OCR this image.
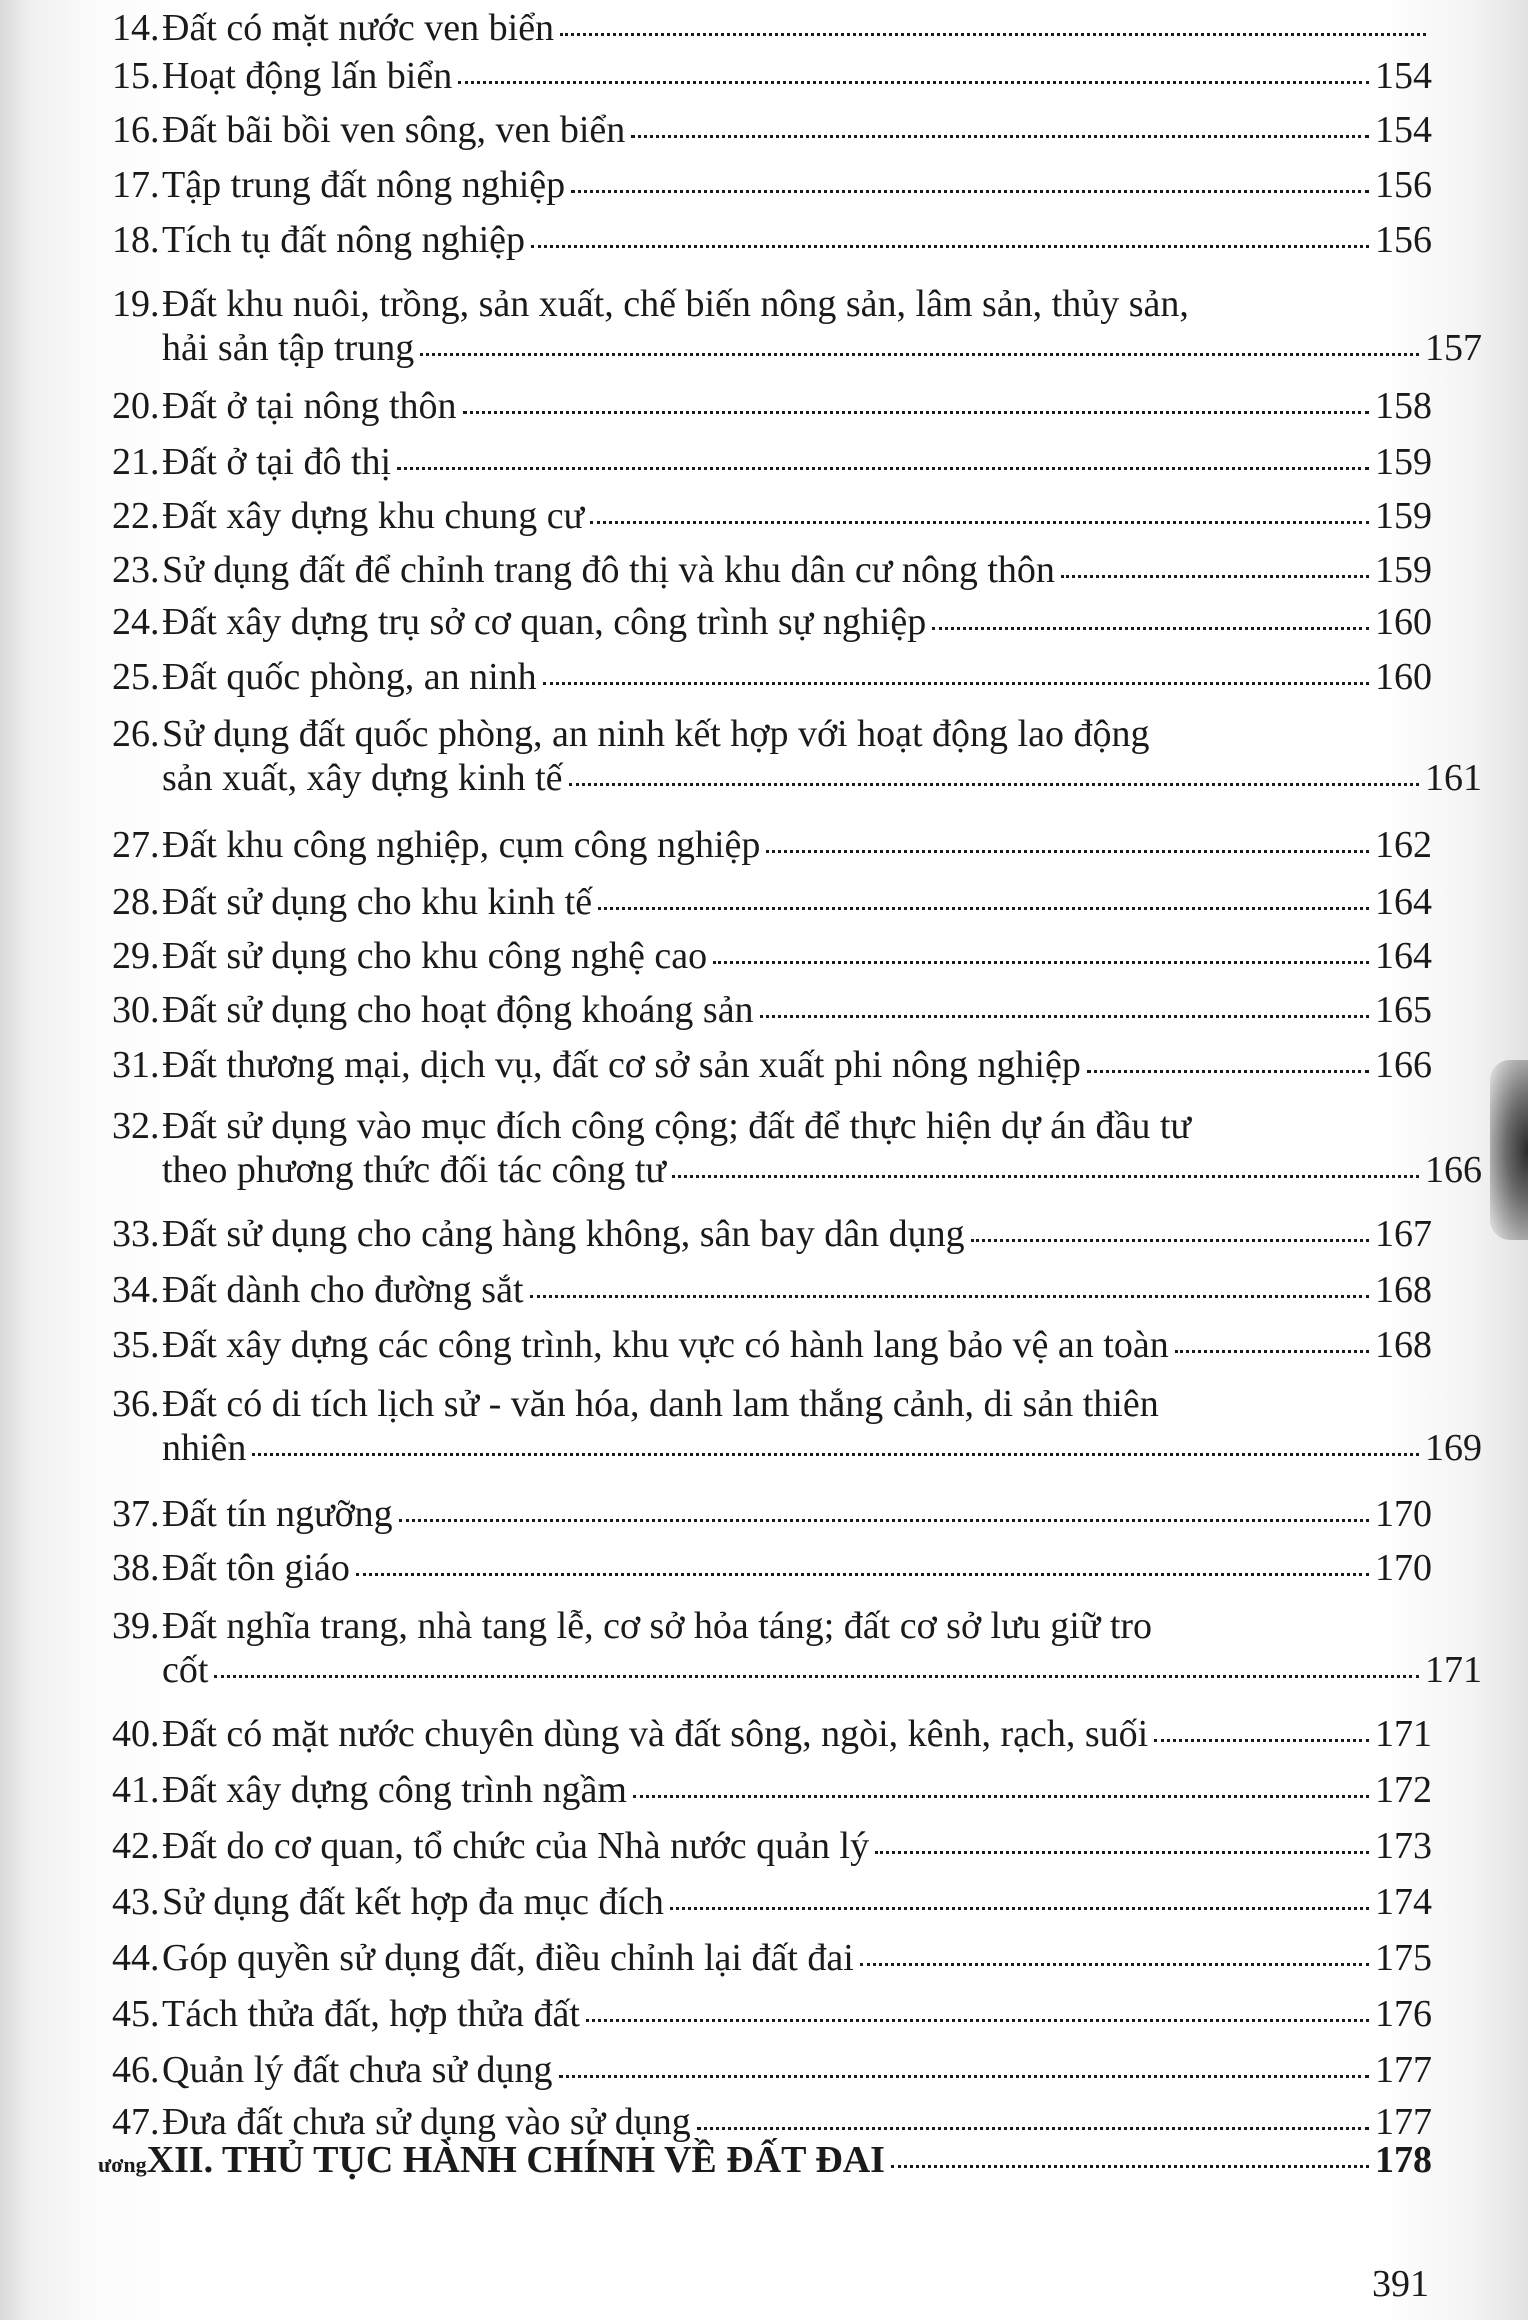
14. Đất có mặt nước ven biển
15. Hoạt động lấn biển	154
16. Đất bãi bồi ven sông, ven biển	154
17. Tập trung đất nông nghiệp	156
18. Tích tụ đất nông nghiệp	156
19.Đất khu nuôi, trồng, sản xuất, chế biến nông sản, lâm sản, thủy sản,
hải sản tập trung	157
20. Đất ở tại nông thôn	158
21. Đất ở tại đô thị	159
22. Đất xây dựng khu chung cư	159
23. Sử dụng đất để chỉnh trang đô thị và khu dân cư nông thôn	159
24. Đất xây dựng trụ sở cơ quan, công trình sự nghiệp	160
25. Đất quốc phòng, an ninh	160
26.Sử dụng đất quốc phòng, an ninh kết hợp với hoạt động lao động
sản xuất, xây dựng kinh tế	161
27. Đất khu công nghiệp, cụm công nghiệp	162
28. Đất sử dụng cho khu kinh tế	164
29. Đất sử dụng cho khu công nghệ cao	164
30. Đất sử dụng cho hoạt động khoáng sản	165
31. Đất thương mại, dịch vụ, đất cơ sở sản xuất phi nông nghiệp	166
32.Đất sử dụng vào mục đích công cộng; đất để thực hiện dự án đầu tư
theo phương thức đối tác công tư	166
33. Đất sử dụng cho cảng hàng không, sân bay dân dụng	167
34. Đất dành cho đường sắt	168
35. Đất xây dựng các công trình, khu vực có hành lang bảo vệ an toàn	168
36.Đất có di tích lịch sử - văn hóa, danh lam thắng cảnh, di sản thiên
nhiên	169
37. Đất tín ngưỡng	170
38. Đất tôn giáo	170
39.Đất nghĩa trang, nhà tang lễ, cơ sở hỏa táng; đất cơ sở lưu giữ tro
cốt	171
40. Đất có mặt nước chuyên dùng và đất sông, ngòi, kênh, rạch, suối	171
41. Đất xây dựng công trình ngầm	172
42. Đất do cơ quan, tổ chức của Nhà nước quản lý	173
43. Sử dụng đất kết hợp đa mục đích	174
44. Góp quyền sử dụng đất, điều chỉnh lại đất đai	175
45. Tách thửa đất, hợp thửa đất	176
46. Quản lý đất chưa sử dụng	177
47. Đưa đất chưa sử dụng vào sử dụng	177
ương XII. THỦ TỤC HÀNH CHÍNH VỀ ĐẤT ĐAI	178
391
